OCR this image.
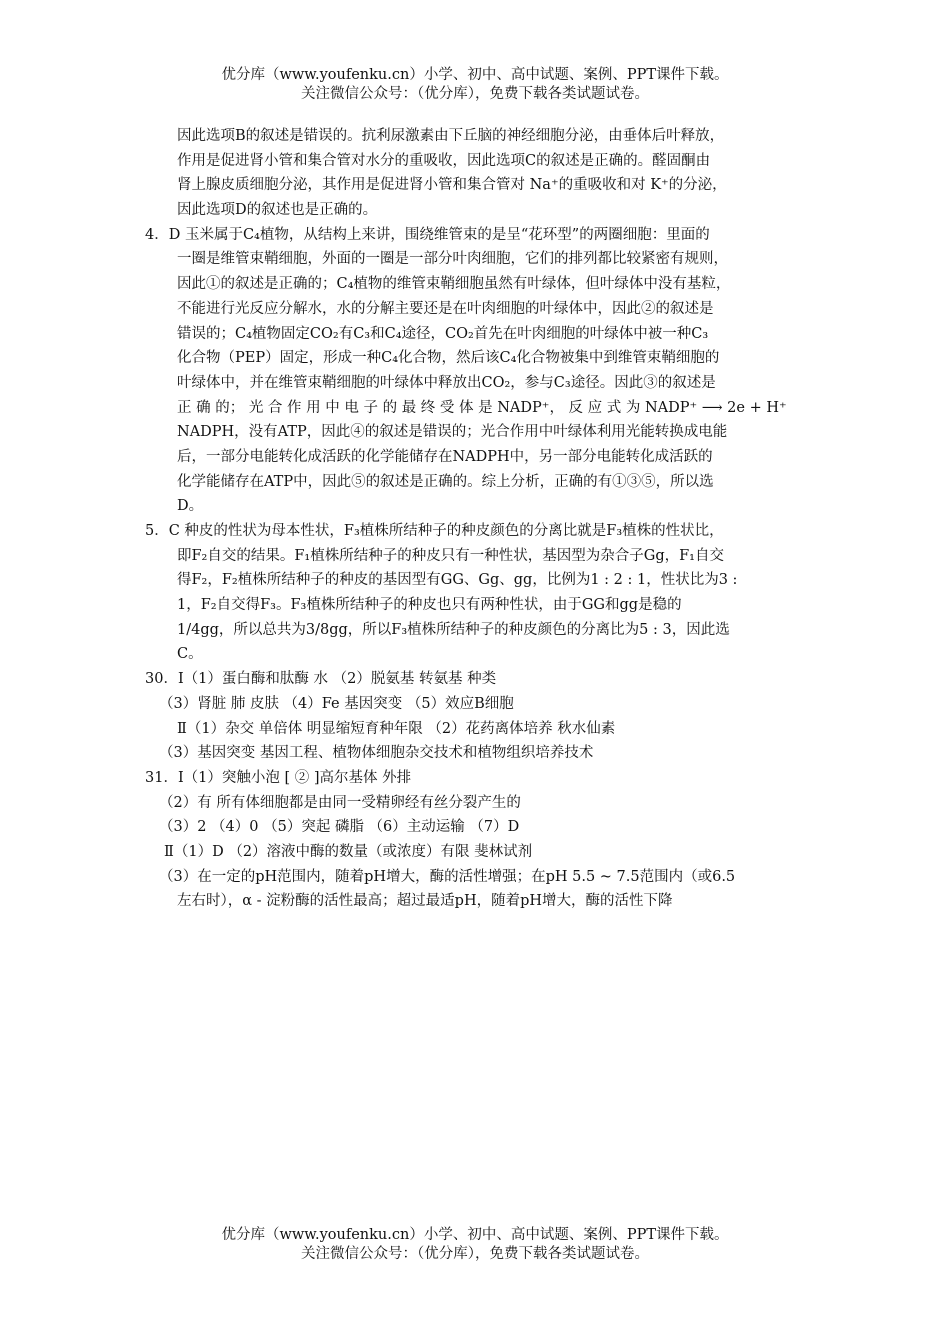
优分库（www.youfenku.cn）小学、初中、高中试题、案例、PPT课件下载。
关注微信公众号：（优分库），免费下载各类试题试卷。
因此选项B的叙述是错误的。抗利尿激素由下丘脑的神经细胞分泌，由垂体后叶释放，
作用是促进肾小管和集合管对水分的重吸收，因此选项C的叙述是正确的。醛固酮由
肾上腺皮质细胞分泌，其作用是促进肾小管和集合管对 Na⁺的重吸收和对 K⁺的分泌，
因此选项D的叙述也是正确的。
4．D 玉米属于C₄植物，从结构上来讲，围绕维管束的是呈“花环型”的两圈细胞：里面的
一圈是维管束鞘细胞，外面的一圈是一部分叶肉细胞，它们的排列都比较紧密有规则，
因此①的叙述是正确的；C₄植物的维管束鞘细胞虽然有叶绿体，但叶绿体中没有基粒，
不能进行光反应分解水，水的分解主要还是在叶肉细胞的叶绿体中，因此②的叙述是
错误的；C₄植物固定CO₂有C₃和C₄途径，CO₂首先在叶肉细胞的叶绿体中被一种C₃
化合物（PEP）固定，形成一种C₄化合物，然后该C₄化合物被集中到维管束鞘细胞的
叶绿体中，并在维管束鞘细胞的叶绿体中释放出CO₂，参与C₃途径。因此③的叙述是
正 确 的； 光 合 作 用 中 电 子 的 最 终 受 体 是 NADP⁺， 反 应 式 为 NADP⁺ ⟶ 2e + H⁺
NADPH，没有ATP，因此④的叙述是错误的；光合作用中叶绿体利用光能转换成电能
后，一部分电能转化成活跃的化学能储存在NADPH中，另一部分电能转化成活跃的
化学能储存在ATP中，因此⑤的叙述是正确的。综上分析，正确的有①③⑤，所以选
D。
5．C 种皮的性状为母本性状，F₃植株所结种子的种皮颜色的分离比就是F₃植株的性状比，
即F₂自交的结果。F₁植株所结种子的种皮只有一种性状，基因型为杂合子Gg，F₁自交
得F₂，F₂植株所结种子的种皮的基因型有GG、Gg、gg，比例为1 : 2 : 1，性状比为3 :
1，F₂自交得F₃。F₃植株所结种子的种皮也只有两种性状，由于GG和gg是稳的
1/4gg，所以总共为3/8gg，所以F₃植株所结种子的种皮颜色的分离比为5 : 3，因此选
C。
30．Ⅰ（1）蛋白酶和肽酶 水 （2）脱氨基 转氨基 种类
（3）肾脏 肺 皮肤 （4）Fe 基因突变 （5）效应B细胞
Ⅱ（1）杂交 单倍体 明显缩短育种年限 （2）花药离体培养 秋水仙素
（3）基因突变 基因工程、植物体细胞杂交技术和植物组织培养技术
31．Ⅰ（1）突触小泡 [ ② ]高尔基体 外排
（2）有 所有体细胞都是由同一受精卵经有丝分裂产生的
（3）2 （4）0 （5）突起 磷脂 （6）主动运输 （7）D
Ⅱ（1）D （2）溶液中酶的数量（或浓度）有限 斐林试剂
（3）在一定的pH范围内，随着pH增大，酶的活性增强；在pH 5.5 ~ 7.5范围内（或6.5
左右时），α - 淀粉酶的活性最高；超过最适pH，随着pH增大，酶的活性下降
优分库（www.youfenku.cn）小学、初中、高中试题、案例、PPT课件下载。
关注微信公众号：（优分库），免费下载各类试题试卷。
